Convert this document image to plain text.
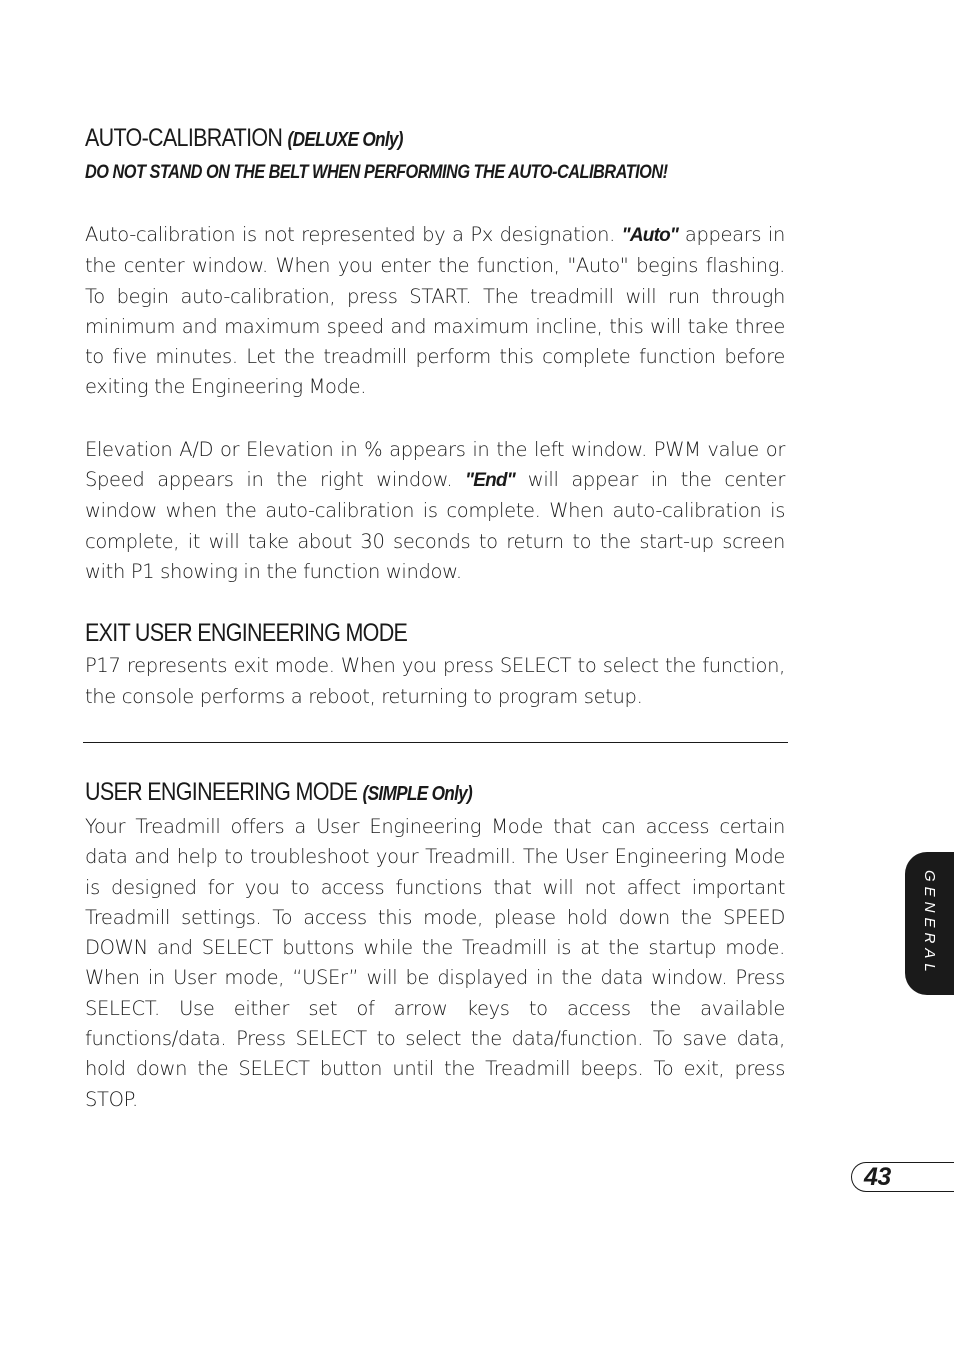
AUTO-CALIBRATION (DELUXE Only)
DO NOT STAND ON THE BELT WHEN PERFORMING THE AUTO-CALIBRATION!

Auto-calibration is not represented by a Px designation. "Auto" appears in the center window. When you enter the function, "Auto" begins flashing. To begin auto-calibration, press START. The treadmill will run through minimum and maximum speed and maximum incline, this will take three to five minutes. Let the treadmill perform this complete function before exiting the Engineering Mode.

Elevation A/D or Elevation in % appears in the left window. PWM value or Speed appears in the right window. "End" will appear in the center window when the auto-calibration is complete. When auto-calibration is complete, it will take about 30 seconds to return to the start-up screen with P1 showing in the function window.

EXIT USER ENGINEERING MODE

P17 represents exit mode. When you press SELECT to select the function, the console performs a reboot, returning to program setup.

USER ENGINEERING MODE (SIMPLE Only)

Your Treadmill offers a User Engineering Mode that can access certain data and help to troubleshoot your Treadmill. The User Engineering Mode is designed for you to access functions that will not affect important Treadmill settings. To access this mode, please hold down the SPEED DOWN and SELECT buttons while the Treadmill is at the startup mode. When in User mode, “USEr” will be displayed in the data window. Press SELECT. Use either set of arrow keys to access the available functions/data. Press SELECT to select the data/function. To save data, hold down the SELECT button until the Treadmill beeps. To exit, press STOP.

GENERAL
43
